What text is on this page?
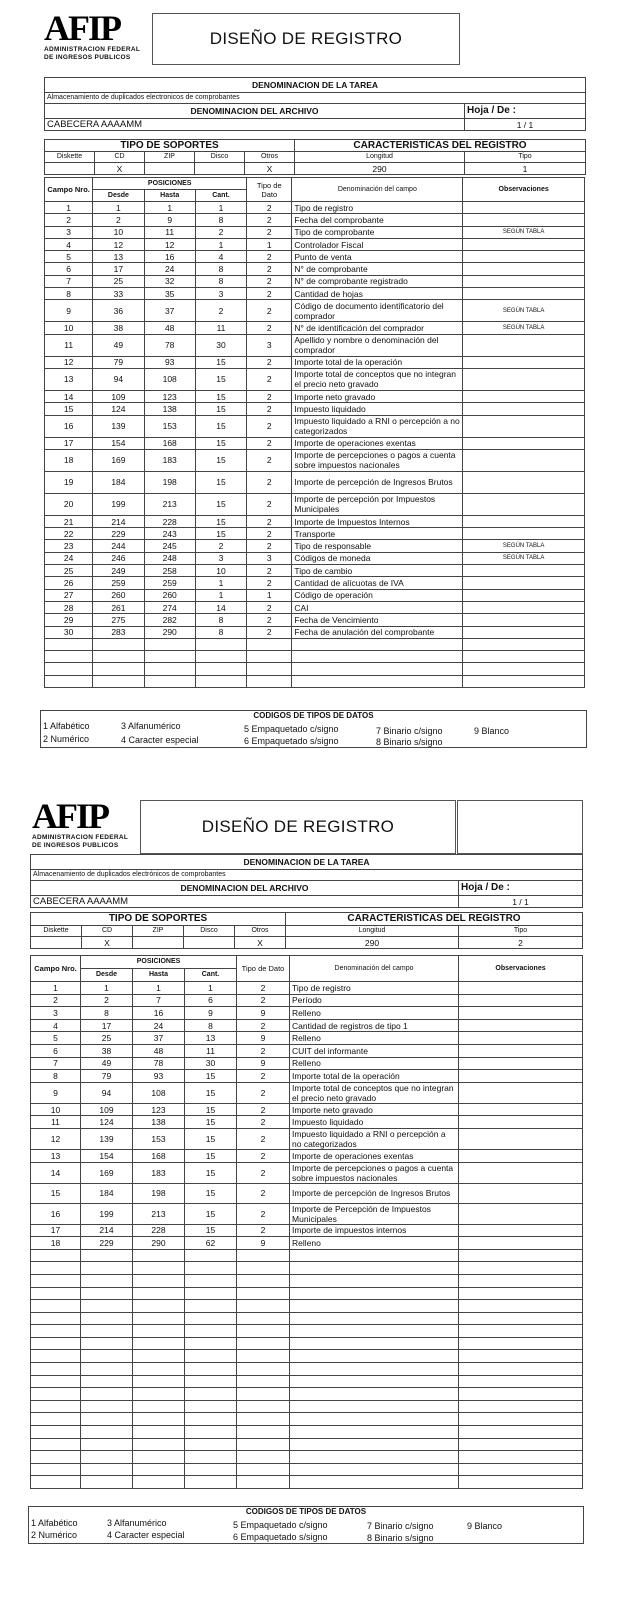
AFIP
ADMINISTRACION FEDERAL
DE INGRESOS PUBLICOS
DISEÑO DE REGISTRO
DENOMINACION DE LA TAREA	
Almacenamiento de duplicados electronicos de comprobantes	
DENOMINACION DEL ARCHIVO	Hoja / De :
CABECERA AAAAMM	1 / 1
TIPO DE SOPORTES					CARACTERISTICAS DEL REGISTRO	
Diskette	CD	ZIP	Disco	Otros	Longitud	Tipo
	X			X	290	1
Campo Nro.	POSICIONES			Tipo de Dato	Denominación del campo	Observaciones
	Desde	Hasta	Cant.			
1	1	1	1	2	Tipo de registro	
2	2	9	8	2	Fecha del comprobante	
3	10	11	2	2	Tipo de comprobante	SEGÚN TABLA
4	12	12	1	1	Controlador Fiscal	
5	13	16	4	2	Punto de venta	
6	17	24	8	2	N° de comprobante	
7	25	32	8	2	N° de comprobante registrado	
8	33	35	3	2	Cantidad de hojas	
9	36	37	2	2	Código de documento identificatorio del comprador	SEGÚN TABLA
10	38	48	11	2	N° de identificación del comprador	SEGÚN TABLA
11	49	78	30	3	Apellido y nombre o denominación del comprador	
12	79	93	15	2	Importe total de la operación	
13	94	108	15	2	Importe total de conceptos que no integran el precio neto gravado	
14	109	123	15	2	Importe neto gravado	
15	124	138	15	2	Impuesto liquidado	
16	139	153	15	2	Impuesto liquidado a RNI o percepción a no categorizados	
17	154	168	15	2	Importe de operaciones exentas	
18	169	183	15	2	Importe de percepciones o pagos a cuenta sobre impuestos nacionales	
19	184	198	15	2	Importe de percepción de Ingresos Brutos	
20	199	213	15	2	Importe de percepción por Impuestos Municipales	
21	214	228	15	2	Importe de Impuestos Internos	
22	229	243	15	2	Transporte	
23	244	245	2	2	Tipo de responsable	SEGÚN TABLA
24	246	248	3	3	Códigos de moneda	SEGÚN TABLA
25	249	258	10	2	Tipo de cambio	
26	259	259	1	2	Cantidad de alícuotas de IVA	
27	260	260	1	1	Código de operación	
28	261	274	14	2	CAI	
29	275	282	8	2	Fecha de Vencimiento	
30	283	290	8	2	Fecha de anulación del comprobante	

CODIGOS DE TIPOS DE DATOS
1 Alfabético	3 Alfanumérico	5 Empaquetado c/signo	7 Binario c/signo	9 Blanco
2 Numérico	4 Caracter especial	6 Empaquetado s/signo	8 Binario s/signo
AFIP
ADMINISTRACION FEDERAL
DE INGRESOS PUBLICOS
DISEÑO DE REGISTRO
DENOMINACION DE LA TAREA	
Almacenamiento de duplicados electrónicos de comprobantes	
DENOMINACION DEL ARCHIVO	Hoja / De :
CABECERA AAAAMM	1 / 1
TIPO DE SOPORTES					CARACTERISTICAS DEL REGISTRO	
Diskette	CD	ZIP	Disco	Otros	Longitud	Tipo
	X			X	290	2
Campo Nro.	POSICIONES			Tipo de Dato	Denominación del campo	Observaciones
	Desde	Hasta	Cant.			
1	1	1	1	2	Tipo de registro	
2	2	7	6	2	Período	
3	8	16	9	9	Relleno	
4	17	24	8	2	Cantidad de registros de tipo 1	
5	25	37	13	9	Relleno	
6	38	48	11	2	CUIT del informante	
7	49	78	30	9	Relleno	
8	79	93	15	2	Importe total de la operación	
9	94	108	15	2	Importe total de conceptos que no integran el precio neto gravado	
10	109	123	15	2	Importe neto gravado	
11	124	138	15	2	Impuesto liquidado	
12	139	153	15	2	Impuesto liquidado a RNI o percepción a no categorizados	
13	154	168	15	2	Importe de operaciones exentas	
14	169	183	15	2	Importe de percepciones o pagos a cuenta sobre impuestos nacionales	
15	184	198	15	2	Importe de percepción de Ingresos Brutos	
16	199	213	15	2	Importe de Percepción de Impuestos Municipales	
17	214	228	15	2	Importe de impuestos internos	
18	229	290	62	9	Relleno	

CODIGOS DE TIPOS DE DATOS
1 Alfabético	3 Alfanumérico	5 Empaquetado c/signo	7 Binario c/signo	9 Blanco
2 Numérico	4 Caracter especial	6 Empaquetado s/signo	8 Binario s/signo
